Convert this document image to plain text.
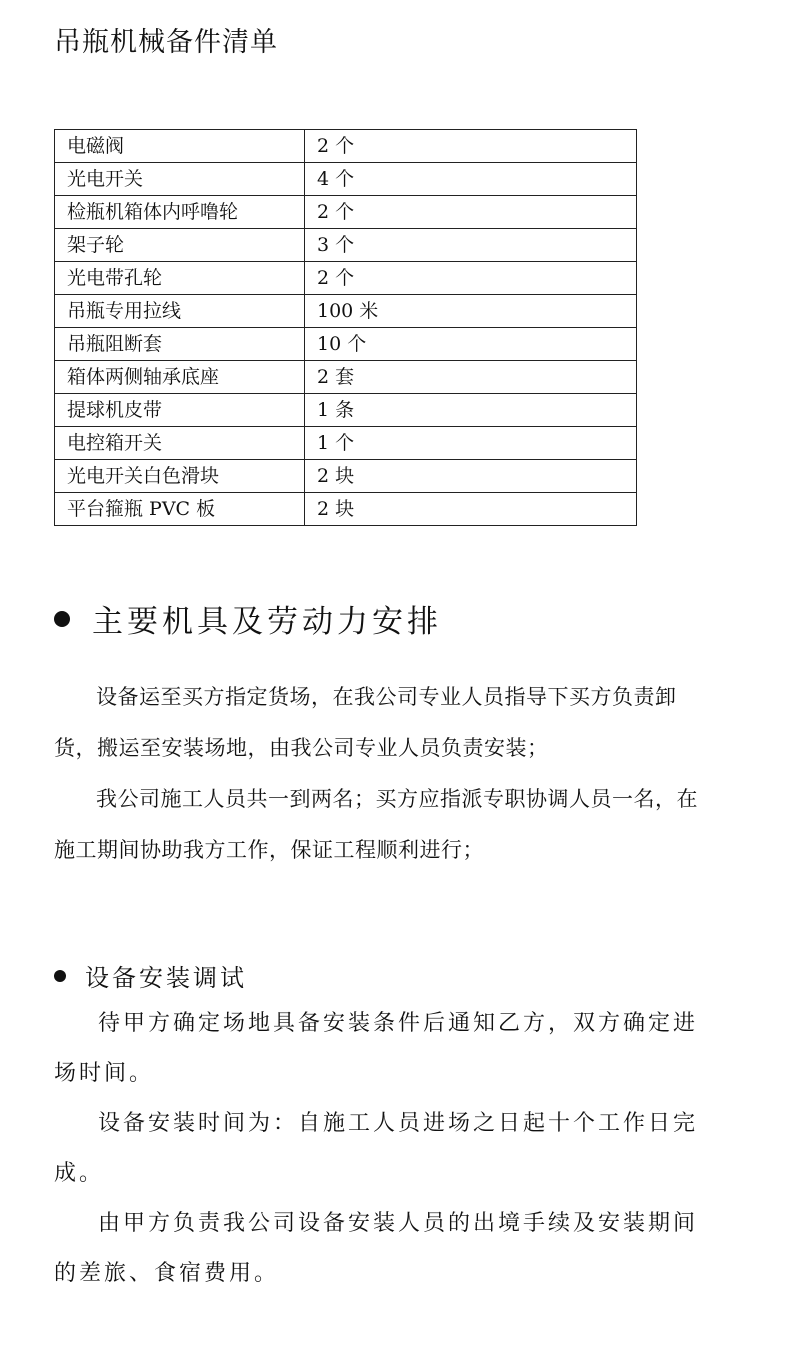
吊瓶机械备件清单
电磁阀	2 个
光电开关	4 个
检瓶机箱体内呼噜轮	2 个
架子轮	3 个
光电带孔轮	2 个
吊瓶专用拉线	100 米
吊瓶阻断套	10 个
箱体两侧轴承底座	2 套
提球机皮带	1 条
电控箱开关	1 个
光电开关白色滑块	2 块
平台箍瓶 PVC 板	2 块
主要机具及劳动力安排

设备运至买方指定货场，在我公司专业人员指导下买方负责卸货，搬运至安装场地，由我公司专业人员负责安装；

我公司施工人员共一到两名；买方应指派专职协调人员一名，在施工期间协助我方工作，保证工程顺利进行；

设备安装调试

待甲方确定场地具备安装条件后通知乙方，双方确定进场时间。

设备安装时间为：自施工人员进场之日起十个工作日完成。

由甲方负责我公司设备安装人员的出境手续及安装期间的差旅、食宿费用。
